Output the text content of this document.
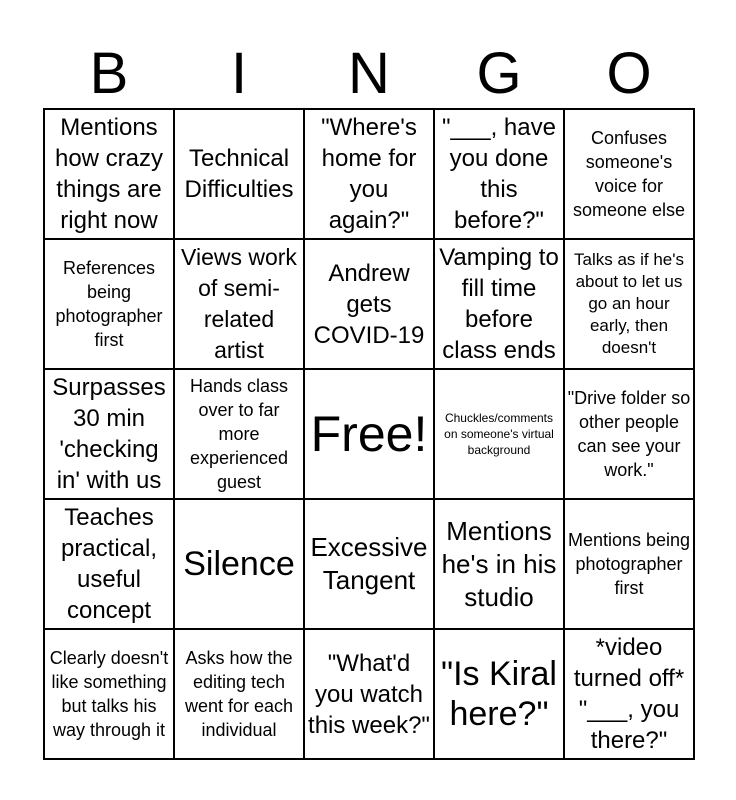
B	I	N	G	O
Mentions how crazy things are right now	Technical Difficulties	"Where's home for you again?"	"___, have you done this before?"	Confuses someone's voice for someone else

References being photographer first	Views work of semi-related artist	Andrew gets COVID-19	Vamping to fill time before class ends	Talks as if he's about to let us go an hour early, then doesn't

Surpasses 30 min 'checking in' with us	Hands class over to far more experienced guest	Free!	Chuckles/comments on someone's virtual background	"Drive folder so other people can see your work."

Teaches practical, useful concept	Silence	Excessive Tangent	Mentions he's in his studio	Mentions being photographer first

Clearly doesn't like something but talks his way through it	Asks how the editing tech went for each individual	"What'd you watch this week?"	"Is Kiral here?"	*video turned off* "___, you there?"
